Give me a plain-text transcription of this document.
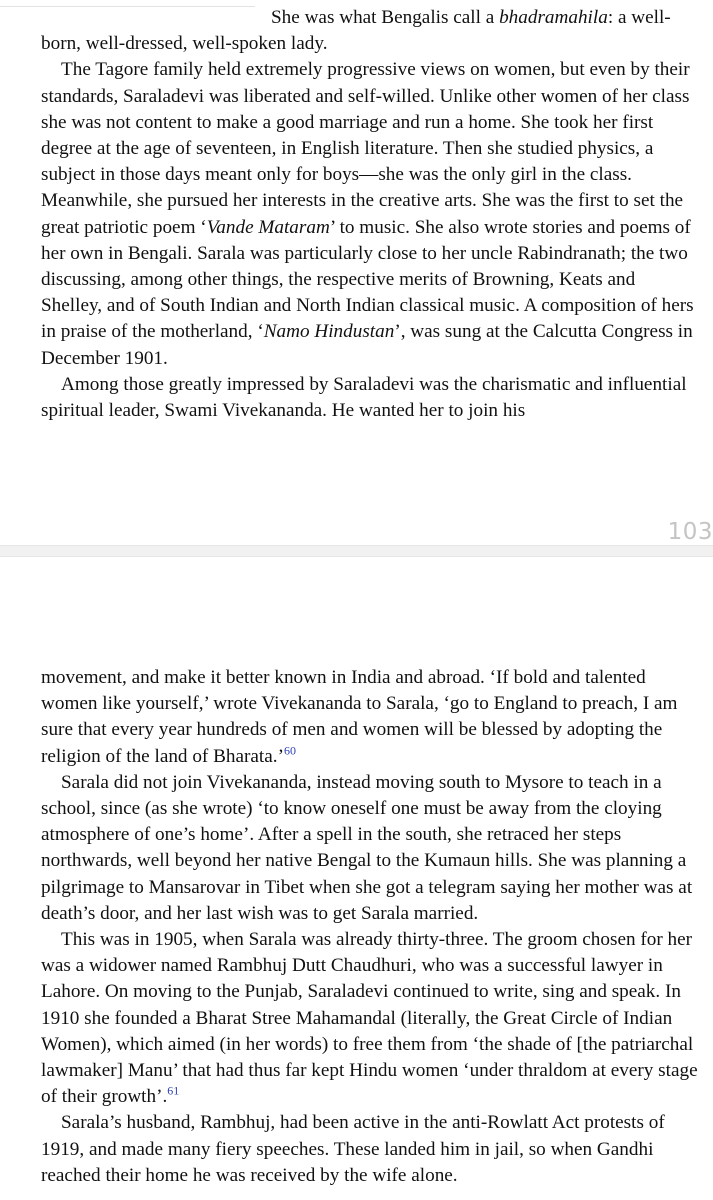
She was what Bengalis call a bhadramahila: a well-born, well-dressed, well-spoken lady.

The Tagore family held extremely progressive views on women, but even by their standards, Saraladevi was liberated and self-willed. Unlike other women of her class she was not content to make a good marriage and run a home. She took her first degree at the age of seventeen, in English literature. Then she studied physics, a subject in those days meant only for boys—she was the only girl in the class. Meanwhile, she pursued her interests in the creative arts. She was the first to set the great patriotic poem ‘Vande Mataram’ to music. She also wrote stories and poems of her own in Bengali. Sarala was particularly close to her uncle Rabindranath; the two discussing, among other things, the respective merits of Browning, Keats and Shelley, and of South Indian and North Indian classical music. A composition of hers in praise of the motherland, ‘Namo Hindustan’, was sung at the Calcutta Congress in December 1901.

Among those greatly impressed by Saraladevi was the charismatic and influential spiritual leader, Swami Vivekananda. He wanted her to join his

103

movement, and make it better known in India and abroad. ‘If bold and talented women like yourself,’ wrote Vivekananda to Sarala, ‘go to England to preach, I am sure that every year hundreds of men and women will be blessed by adopting the religion of the land of Bharata.’$^{60}$

Sarala did not join Vivekananda, instead moving south to Mysore to teach in a school, since (as she wrote) ‘to know oneself one must be away from the cloying atmosphere of one’s home’. After a spell in the south, she retraced her steps northwards, well beyond her native Bengal to the Kumaun hills. She was planning a pilgrimage to Mansarovar in Tibet when she got a telegram saying her mother was at death’s door, and her last wish was to get Sarala married.

This was in 1905, when Sarala was already thirty-three. The groom chosen for her was a widower named Rambhuj Dutt Chaudhuri, who was a successful lawyer in Lahore. On moving to the Punjab, Saraladevi continued to write, sing and speak. In 1910 she founded a Bharat Stree Mahamandal (literally, the Great Circle of Indian Women), which aimed (in her words) to free them from ‘the shade of [the patriarchal lawmaker] Manu’ that had thus far kept Hindu women ‘under thraldom at every stage of their growth’.$^{61}$

Sarala’s husband, Rambhuj, had been active in the anti-Rowlatt Act protests of 1919, and made many fiery speeches. These landed him in jail, so when Gandhi reached their home he was received by the wife alone.
